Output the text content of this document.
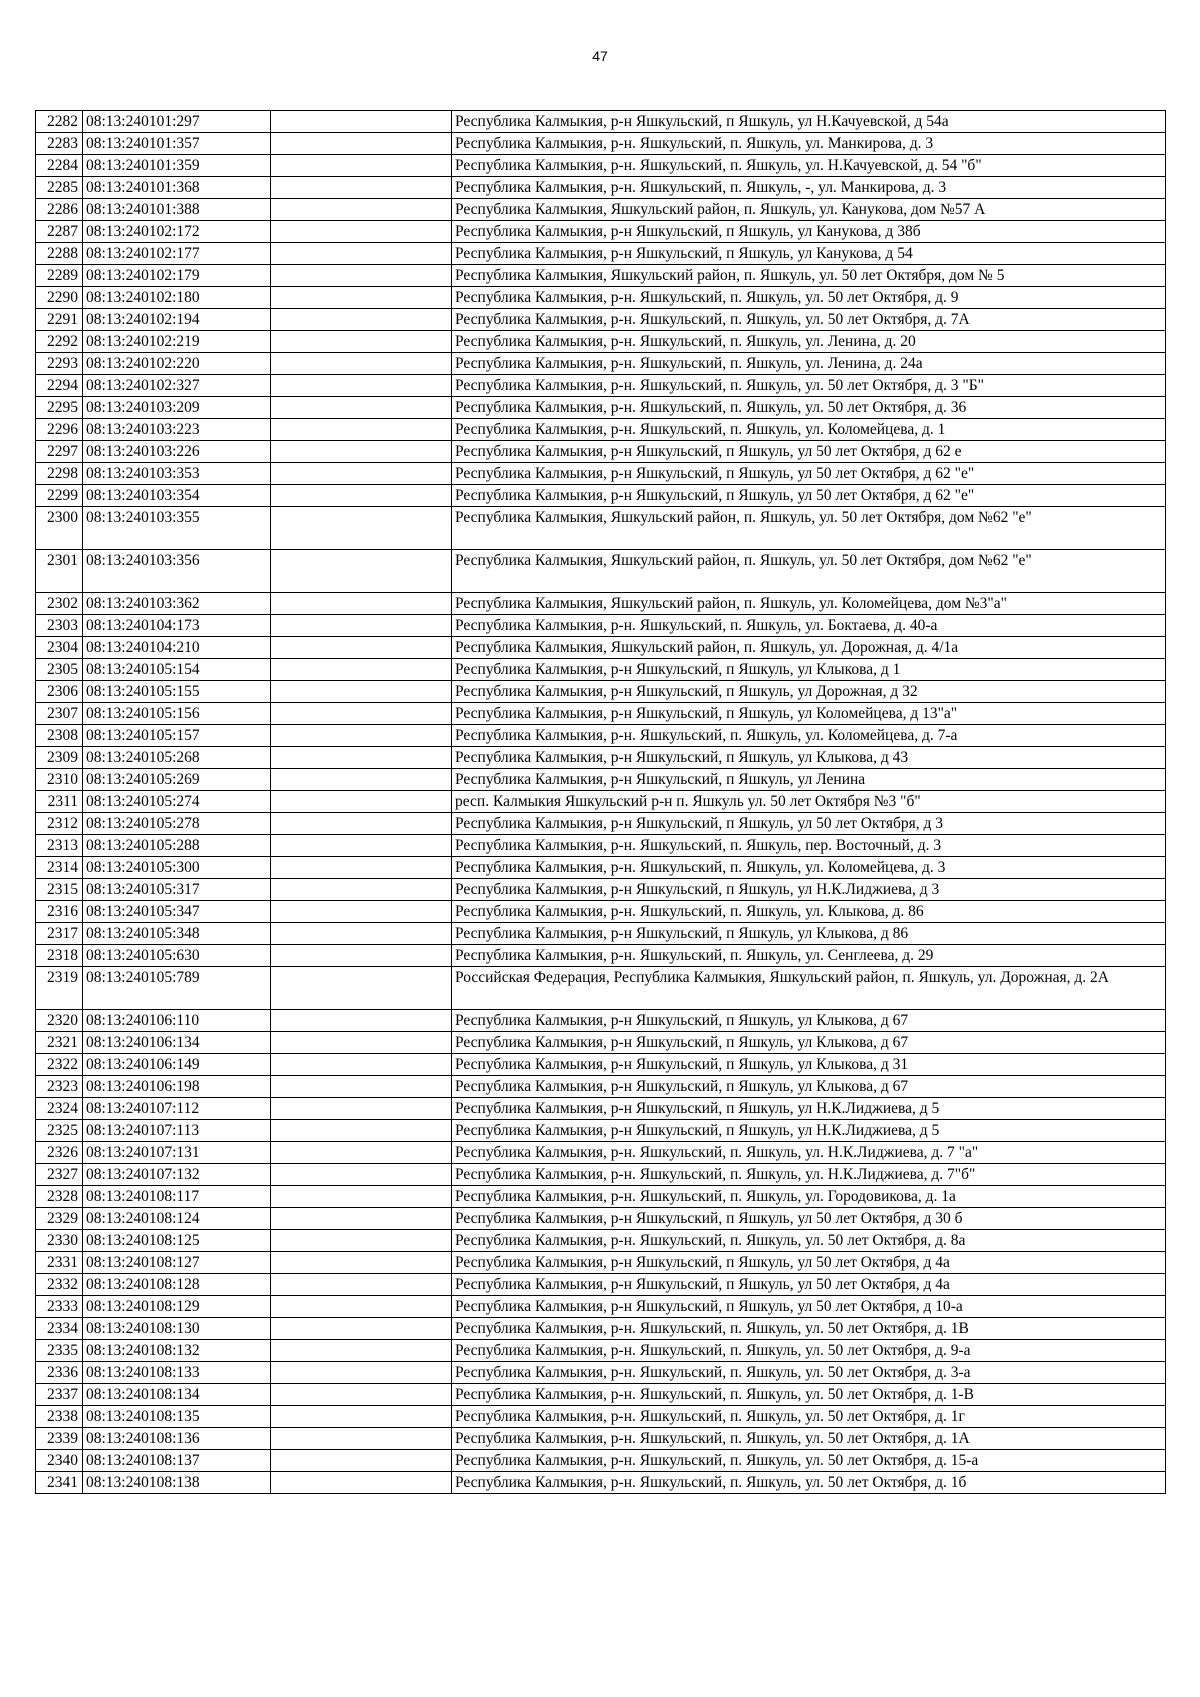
47
2282	08:13:240101:297		Республика Калмыкия, р-н Яшкульский, п Яшкуль, ул Н.Качуевской, д 54а
2283	08:13:240101:357		Республика Калмыкия, р-н. Яшкульский, п. Яшкуль, ул. Манкирова, д. 3
2284	08:13:240101:359		Республика Калмыкия, р-н. Яшкульский, п. Яшкуль, ул. Н.Качуевской, д. 54 "б"
2285	08:13:240101:368		Республика Калмыкия, р-н. Яшкульский, п. Яшкуль, -, ул. Манкирова, д. 3
2286	08:13:240101:388		Республика Калмыкия, Яшкульский район, п. Яшкуль, ул. Канукова, дом №57 А
2287	08:13:240102:172		Республика Калмыкия, р-н Яшкульский, п Яшкуль, ул Канукова, д 38б
2288	08:13:240102:177		Республика Калмыкия, р-н Яшкульский, п Яшкуль, ул Канукова, д 54
2289	08:13:240102:179		Республика Калмыкия, Яшкульский район, п. Яшкуль, ул. 50 лет Октября, дом № 5
2290	08:13:240102:180		Республика Калмыкия, р-н. Яшкульский, п. Яшкуль, ул. 50 лет Октября, д. 9
2291	08:13:240102:194		Республика Калмыкия, р-н. Яшкульский, п. Яшкуль, ул. 50 лет Октября, д. 7А
2292	08:13:240102:219		Республика Калмыкия, р-н. Яшкульский, п. Яшкуль, ул. Ленина, д. 20
2293	08:13:240102:220		Республика Калмыкия, р-н. Яшкульский, п. Яшкуль, ул. Ленина, д. 24а
2294	08:13:240102:327		Республика Калмыкия, р-н. Яшкульский, п. Яшкуль, ул. 50 лет Октября, д. 3 "Б"
2295	08:13:240103:209		Республика Калмыкия, р-н. Яшкульский, п. Яшкуль, ул. 50 лет Октября, д. 36
2296	08:13:240103:223		Республика Калмыкия, р-н. Яшкульский, п. Яшкуль, ул. Коломейцева, д. 1
2297	08:13:240103:226		Республика Калмыкия, р-н Яшкульский, п Яшкуль, ул 50 лет Октября, д 62 е
2298	08:13:240103:353		Республика Калмыкия, р-н Яшкульский, п Яшкуль, ул 50 лет Октября, д 62 "е"
2299	08:13:240103:354		Республика Калмыкия, р-н Яшкульский, п Яшкуль, ул 50 лет Октября, д 62 "е"
2300	08:13:240103:355		Республика Калмыкия, Яшкульский район, п. Яшкуль, ул. 50 лет Октября, дом №62 "е"
2301	08:13:240103:356		Республика Калмыкия, Яшкульский район, п. Яшкуль, ул. 50 лет Октября, дом №62 "е"
2302	08:13:240103:362		Республика Калмыкия, Яшкульский район, п. Яшкуль, ул. Коломейцева, дом №3"а"
2303	08:13:240104:173		Республика Калмыкия, р-н. Яшкульский, п. Яшкуль, ул. Боктаева, д. 40-а
2304	08:13:240104:210		Республика Калмыкия, Яшкульский район, п. Яшкуль, ул. Дорожная, д. 4/1а
2305	08:13:240105:154		Республика Калмыкия, р-н Яшкульский, п Яшкуль, ул Клыкова, д 1
2306	08:13:240105:155		Республика Калмыкия, р-н Яшкульский, п Яшкуль, ул Дорожная, д 32
2307	08:13:240105:156		Республика Калмыкия, р-н Яшкульский, п Яшкуль, ул Коломейцева, д 13"а"
2308	08:13:240105:157		Республика Калмыкия, р-н. Яшкульский, п. Яшкуль, ул. Коломейцева, д. 7-а
2309	08:13:240105:268		Республика Калмыкия, р-н Яшкульский, п Яшкуль, ул Клыкова, д 43
2310	08:13:240105:269		Республика Калмыкия, р-н Яшкульский, п Яшкуль, ул Ленина
2311	08:13:240105:274		респ. Калмыкия Яшкульский р-н п. Яшкуль ул. 50 лет Октября №3 "б"
2312	08:13:240105:278		Республика Калмыкия, р-н Яшкульский, п Яшкуль, ул 50 лет Октября, д 3
2313	08:13:240105:288		Республика Калмыкия, р-н. Яшкульский, п. Яшкуль, пер. Восточный, д. 3
2314	08:13:240105:300		Республика Калмыкия, р-н. Яшкульский, п. Яшкуль, ул. Коломейцева, д. 3
2315	08:13:240105:317		Республика Калмыкия, р-н Яшкульский, п Яшкуль, ул Н.К.Лиджиева, д 3
2316	08:13:240105:347		Республика Калмыкия, р-н. Яшкульский, п. Яшкуль, ул. Клыкова, д. 86
2317	08:13:240105:348		Республика Калмыкия, р-н Яшкульский, п Яшкуль, ул Клыкова, д 86
2318	08:13:240105:630		Республика Калмыкия, р-н. Яшкульский, п. Яшкуль, ул. Сенглеева, д. 29
2319	08:13:240105:789		Российская Федерация, Республика Калмыкия, Яшкульский район, п. Яшкуль, ул. Дорожная, д. 2А
2320	08:13:240106:110		Республика Калмыкия, р-н Яшкульский, п Яшкуль, ул Клыкова, д 67
2321	08:13:240106:134		Республика Калмыкия, р-н Яшкульский, п Яшкуль, ул Клыкова, д 67
2322	08:13:240106:149		Республика Калмыкия, р-н Яшкульский, п Яшкуль, ул Клыкова, д 31
2323	08:13:240106:198		Республика Калмыкия, р-н Яшкульский, п Яшкуль, ул Клыкова, д 67
2324	08:13:240107:112		Республика Калмыкия, р-н Яшкульский, п Яшкуль, ул Н.К.Лиджиева, д 5
2325	08:13:240107:113		Республика Калмыкия, р-н Яшкульский, п Яшкуль, ул Н.К.Лиджиева, д 5
2326	08:13:240107:131		Республика Калмыкия, р-н. Яшкульский, п. Яшкуль, ул. Н.К.Лиджиева, д. 7 "а"
2327	08:13:240107:132		Республика Калмыкия, р-н. Яшкульский, п. Яшкуль, ул. Н.К.Лиджиева, д. 7"б"
2328	08:13:240108:117		Республика Калмыкия, р-н. Яшкульский, п. Яшкуль, ул. Городовикова, д. 1а
2329	08:13:240108:124		Республика Калмыкия, р-н Яшкульский, п Яшкуль, ул 50 лет Октября, д 30 б
2330	08:13:240108:125		Республика Калмыкия, р-н. Яшкульский, п. Яшкуль, ул. 50 лет Октября, д. 8а
2331	08:13:240108:127		Республика Калмыкия, р-н Яшкульский, п Яшкуль, ул 50 лет Октября, д 4а
2332	08:13:240108:128		Республика Калмыкия, р-н Яшкульский, п Яшкуль, ул 50 лет Октября, д 4а
2333	08:13:240108:129		Республика Калмыкия, р-н Яшкульский, п Яшкуль, ул 50 лет Октября, д 10-а
2334	08:13:240108:130		Республика Калмыкия, р-н. Яшкульский, п. Яшкуль, ул. 50 лет Октября, д. 1В
2335	08:13:240108:132		Республика Калмыкия, р-н. Яшкульский, п. Яшкуль, ул. 50 лет Октября, д. 9-а
2336	08:13:240108:133		Республика Калмыкия, р-н. Яшкульский, п. Яшкуль, ул. 50 лет Октября, д. 3-а
2337	08:13:240108:134		Республика Калмыкия, р-н. Яшкульский, п. Яшкуль, ул. 50 лет Октября, д. 1-В
2338	08:13:240108:135		Республика Калмыкия, р-н. Яшкульский, п. Яшкуль, ул. 50 лет Октября, д. 1г
2339	08:13:240108:136		Республика Калмыкия, р-н. Яшкульский, п. Яшкуль, ул. 50 лет Октября, д. 1А
2340	08:13:240108:137		Республика Калмыкия, р-н. Яшкульский, п. Яшкуль, ул. 50 лет Октября, д. 15-а
2341	08:13:240108:138		Республика Калмыкия, р-н. Яшкульский, п. Яшкуль, ул. 50 лет Октября, д. 1б
